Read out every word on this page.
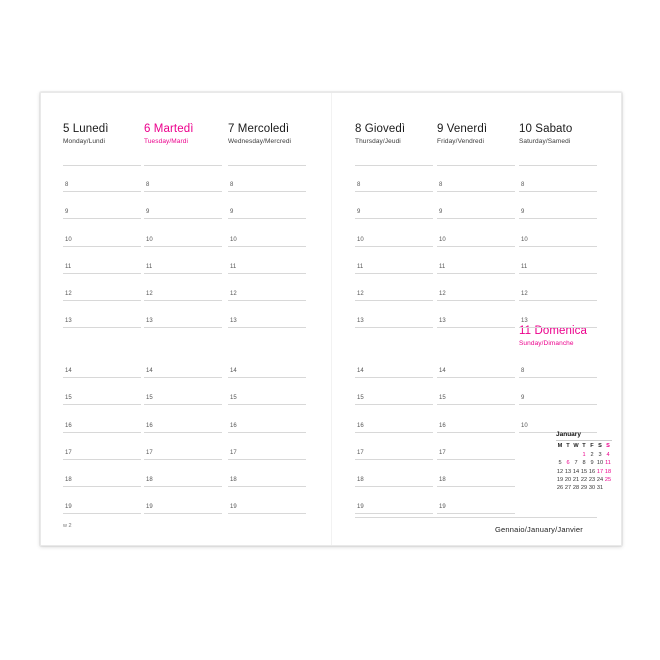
5 Lunedì
Monday/Lundi
6 Martedì
Tuesday/Mardi
7 Mercoledì
Wednesday/Mercredi
8
9
10
11
12
13
8
9
10
11
12
13
8
9
10
11
12
13
14
15
16
17
18
19
14
15
16
17
18
19
14
15
16
17
18
19
w 2
8 Giovedì
Thursday/Jeudi
9 Venerdì
Friday/Vendredi
10 Sabato
Saturday/Samedi
11 Domenica
Sunday/Dimanche
8
9
10
11
12
13
8
9
10
11
12
13
8
9
10
11
12
13
14
15
16
17
18
19
14
15
16
17
18
19
8
9
10
January
M	T	W	T	F	S	S
			1	2	3	4
5	6	7	8	9	10	11
12	13	14	15	16	17	18
19	20	21	22	23	24	25
26	27	28	29	30	31	
Gennaio/January/Janvier
